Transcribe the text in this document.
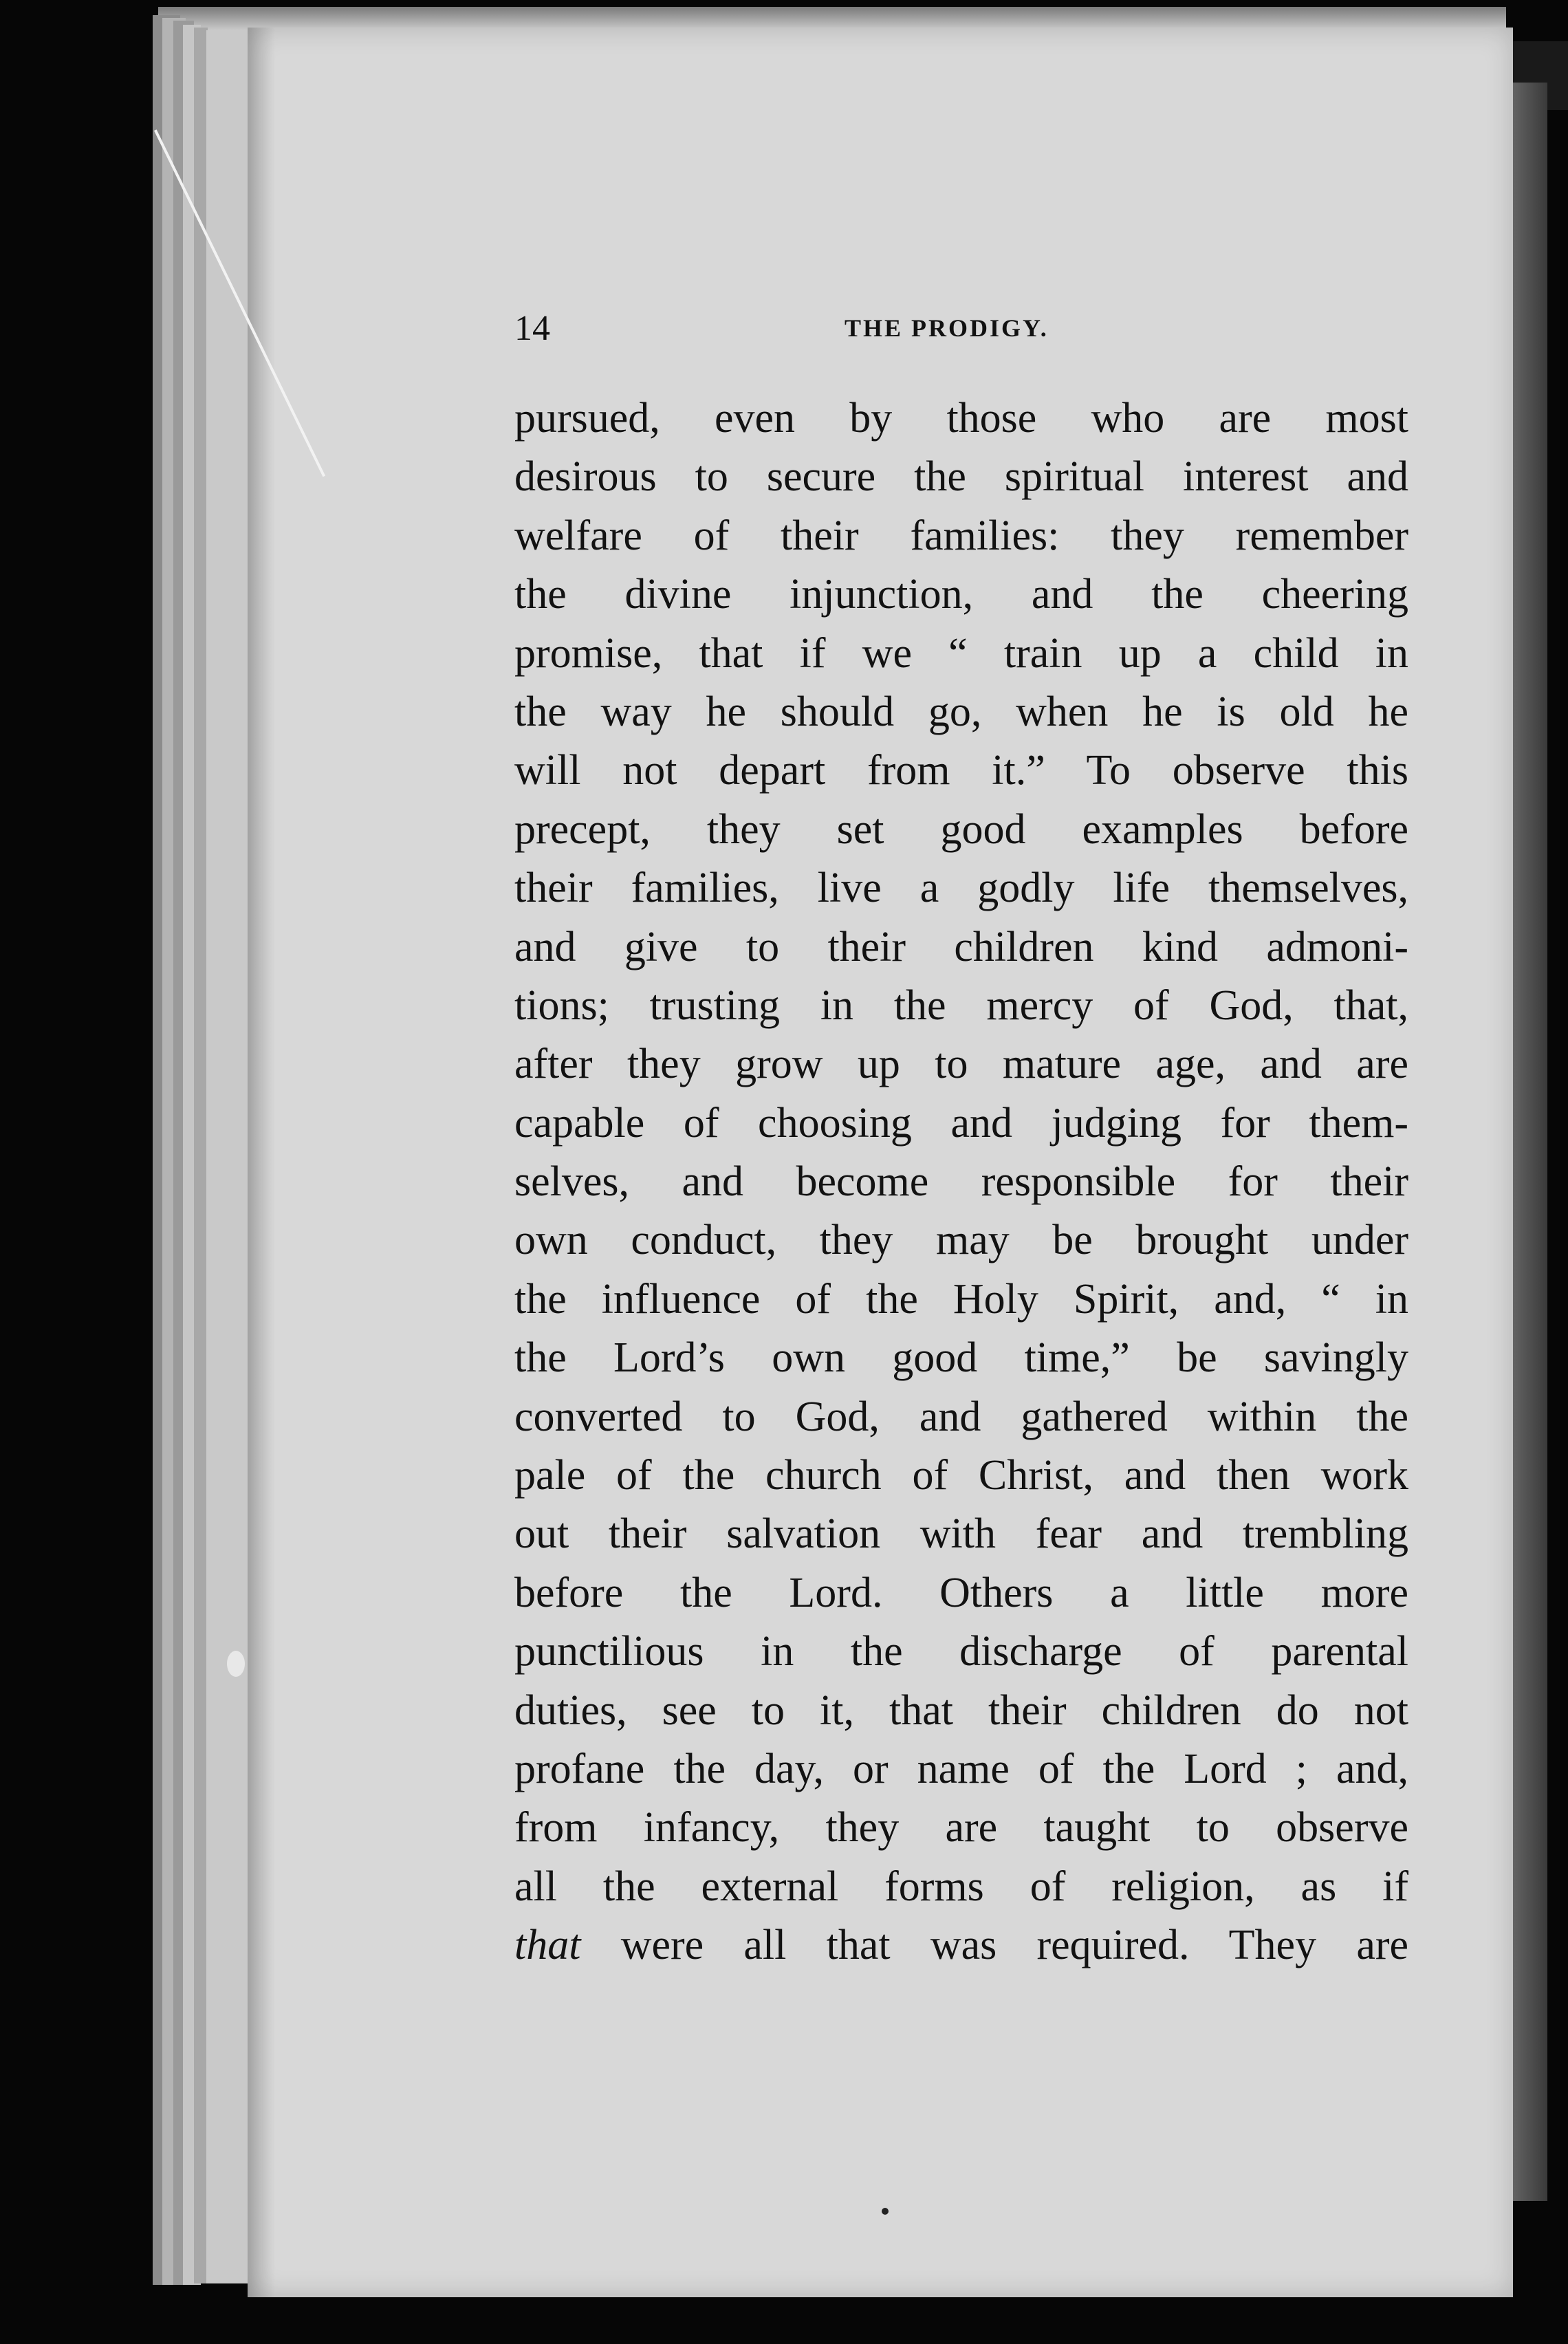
14	THE PRODIGY.
pursued, even by those who are most
desirous to secure the spiritual interest and
welfare of their families: they remember
the divine injunction, and the cheering
promise, that if we “ train up a child in
the way he should go, when he is old he
will not depart from it.” To observe this
precept, they set good examples before
their families, live a godly life themselves,
and give to their children kind admoni-
tions; trusting in the mercy of God, that,
after they grow up to mature age, and are
capable of choosing and judging for them-
selves, and become responsible for their
own conduct, they may be brought under
the influence of the Holy Spirit, and, “ in
the Lord’s own good time,” be savingly
converted to God, and gathered within the
pale of the church of Christ, and then work
out their salvation with fear and trembling
before the Lord. Others a little more
punctilious in the discharge of parental
duties, see to it, that their children do not
profane the day, or name of the Lord ; and,
from infancy, they are taught to observe
all the external forms of religion, as if
that were all that was required. They are
